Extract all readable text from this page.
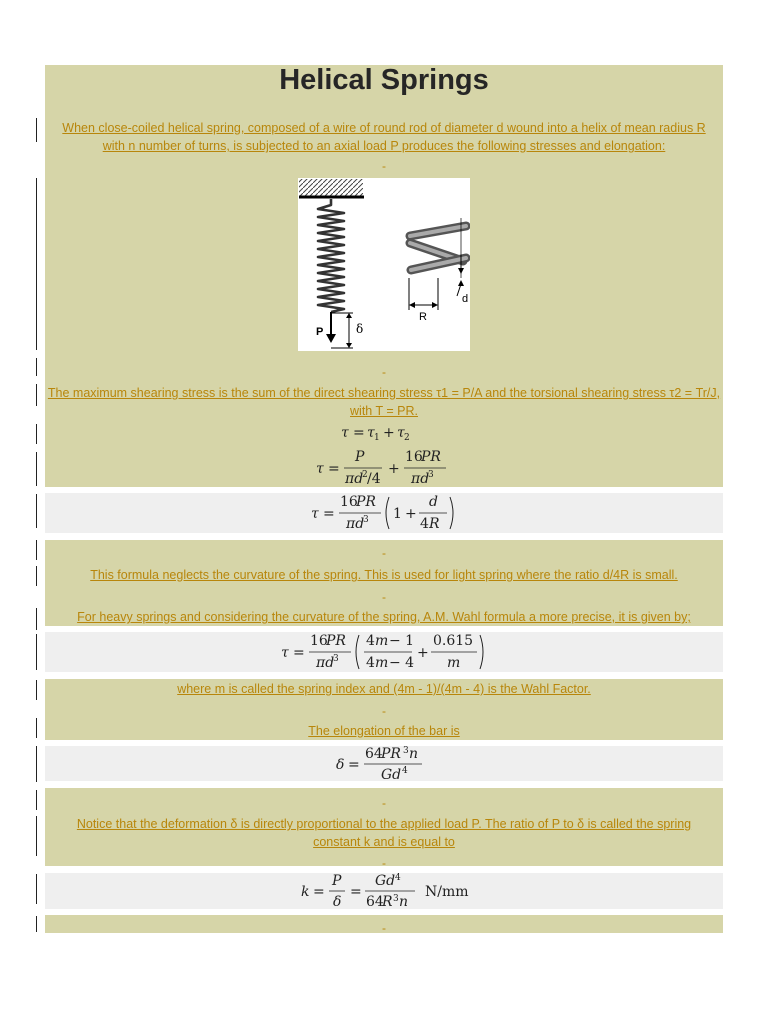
Helical Springs
When close-coiled helical spring, composed of a wire of round rod of diameter d wound into a helix of mean radius R with n number of turns, is subjected to an axial load P produces the following stresses and elongation:
-
P	δ
d
R
-
The maximum shearing stress is the sum of the direct shearing stress τ1 = P/A and the torsional shearing stress τ2 = Tr/J, with T = PR.
τ = τ 1 + τ 2
τ =
P
πd
2 /4
+
16
PR
πd
3
τ =
16
PR
πd
3 1 +
d
4 R
-
This formula neglects the curvature of the spring. This is used for light spring where the ratio d/4R is small.
-
For heavy springs and considering the curvature of the spring, A.M. Wahl formula a more precise, it is given by;
τ =
16
PR
πd
3
4 m − 1
4 m − 4
+
0.615
m
where m is called the spring index and (4m - 1)/(4m - 4) is the Wahl Factor.
-
The elongation of the bar is
δ =
64
PR 3 n
Gd 4
-
Notice that the deformation δ is directly proportional to the applied load P. The ratio of P to δ is called the spring constant k and is equal to
-
k =
P
δ
=
Gd 4
64
R 3 n
N/mm
-
